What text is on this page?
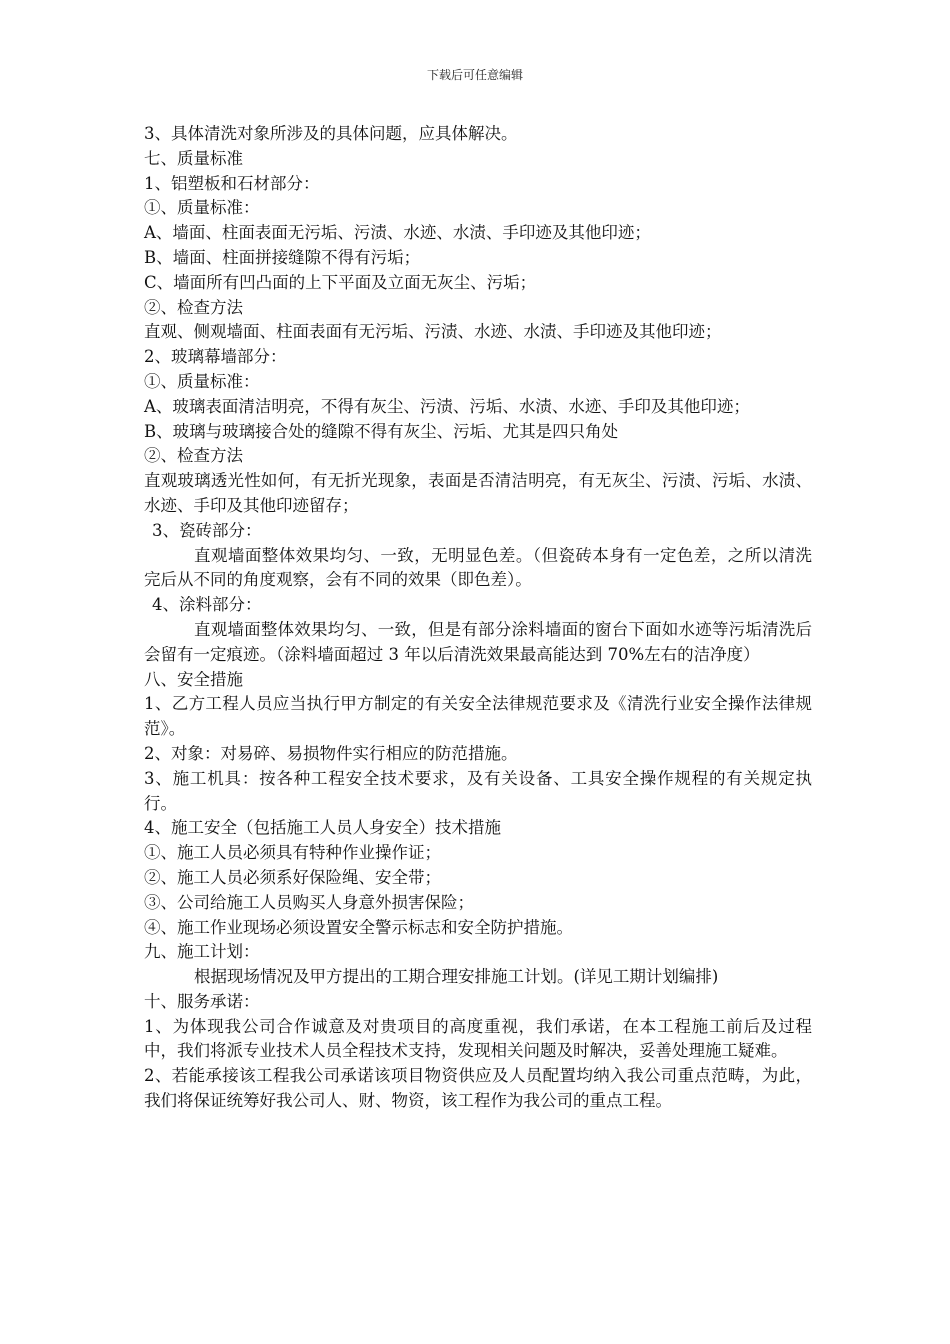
下载后可任意编辑

3、具体清洗对象所涉及的具体问题，应具体解决。

七、质量标准

1、铝塑板和石材部分：

①、质量标准：

A、墙面、柱面表面无污垢、污渍、水迹、水渍、手印迹及其他印迹；

B、墙面、柱面拼接缝隙不得有污垢；

C、墙面所有凹凸面的上下平面及立面无灰尘、污垢；

②、检查方法

直观、侧观墙面、柱面表面有无污垢、污渍、水迹、水渍、手印迹及其他印迹；

2、玻璃幕墙部分：

①、质量标准：

A、玻璃表面清洁明亮，不得有灰尘、污渍、污垢、水渍、水迹、手印及其他印迹；

B、玻璃与玻璃接合处的缝隙不得有灰尘、污垢、尤其是四只角处

②、检查方法

直观玻璃透光性如何，有无折光现象，表面是否清洁明亮，有无灰尘、污渍、污垢、水渍、水迹、手印及其他印迹留存；

3、瓷砖部分：

直观墙面整体效果均匀、一致，无明显色差。（但瓷砖本身有一定色差，之所以清洗完后从不同的角度观察，会有不同的效果（即色差）。

4、涂料部分：

直观墙面整体效果均匀、一致，但是有部分涂料墙面的窗台下面如水迹等污垢清洗后会留有一定痕迹。（涂料墙面超过 3 年以后清洗效果最高能达到 70%左右的洁净度）

八、安全措施

1、乙方工程人员应当执行甲方制定的有关安全法律规范要求及《清洗行业安全操作法律规范》。

2、对象：对易碎、易损物件实行相应的防范措施。

3、施工机具：按各种工程安全技术要求，及有关设备、工具安全操作规程的有关规定执行。

4、施工安全（包括施工人员人身安全）技术措施

①、施工人员必须具有特种作业操作证；

②、施工人员必须系好保险绳、安全带；

③、公司给施工人员购买人身意外损害保险；

④、施工作业现场必须设置安全警示标志和安全防护措施。

九、施工计划：

根据现场情况及甲方提出的工期合理安排施工计划。(详见工期计划编排)

十、服务承诺：

1、为体现我公司合作诚意及对贵项目的高度重视，我们承诺，在本工程施工前后及过程中，我们将派专业技术人员全程技术支持，发现相关问题及时解决，妥善处理施工疑难。

2、若能承接该工程我公司承诺该项目物资供应及人员配置均纳入我公司重点范畴，为此，我们将保证统筹好我公司人、财、物资，该工程作为我公司的重点工程。
